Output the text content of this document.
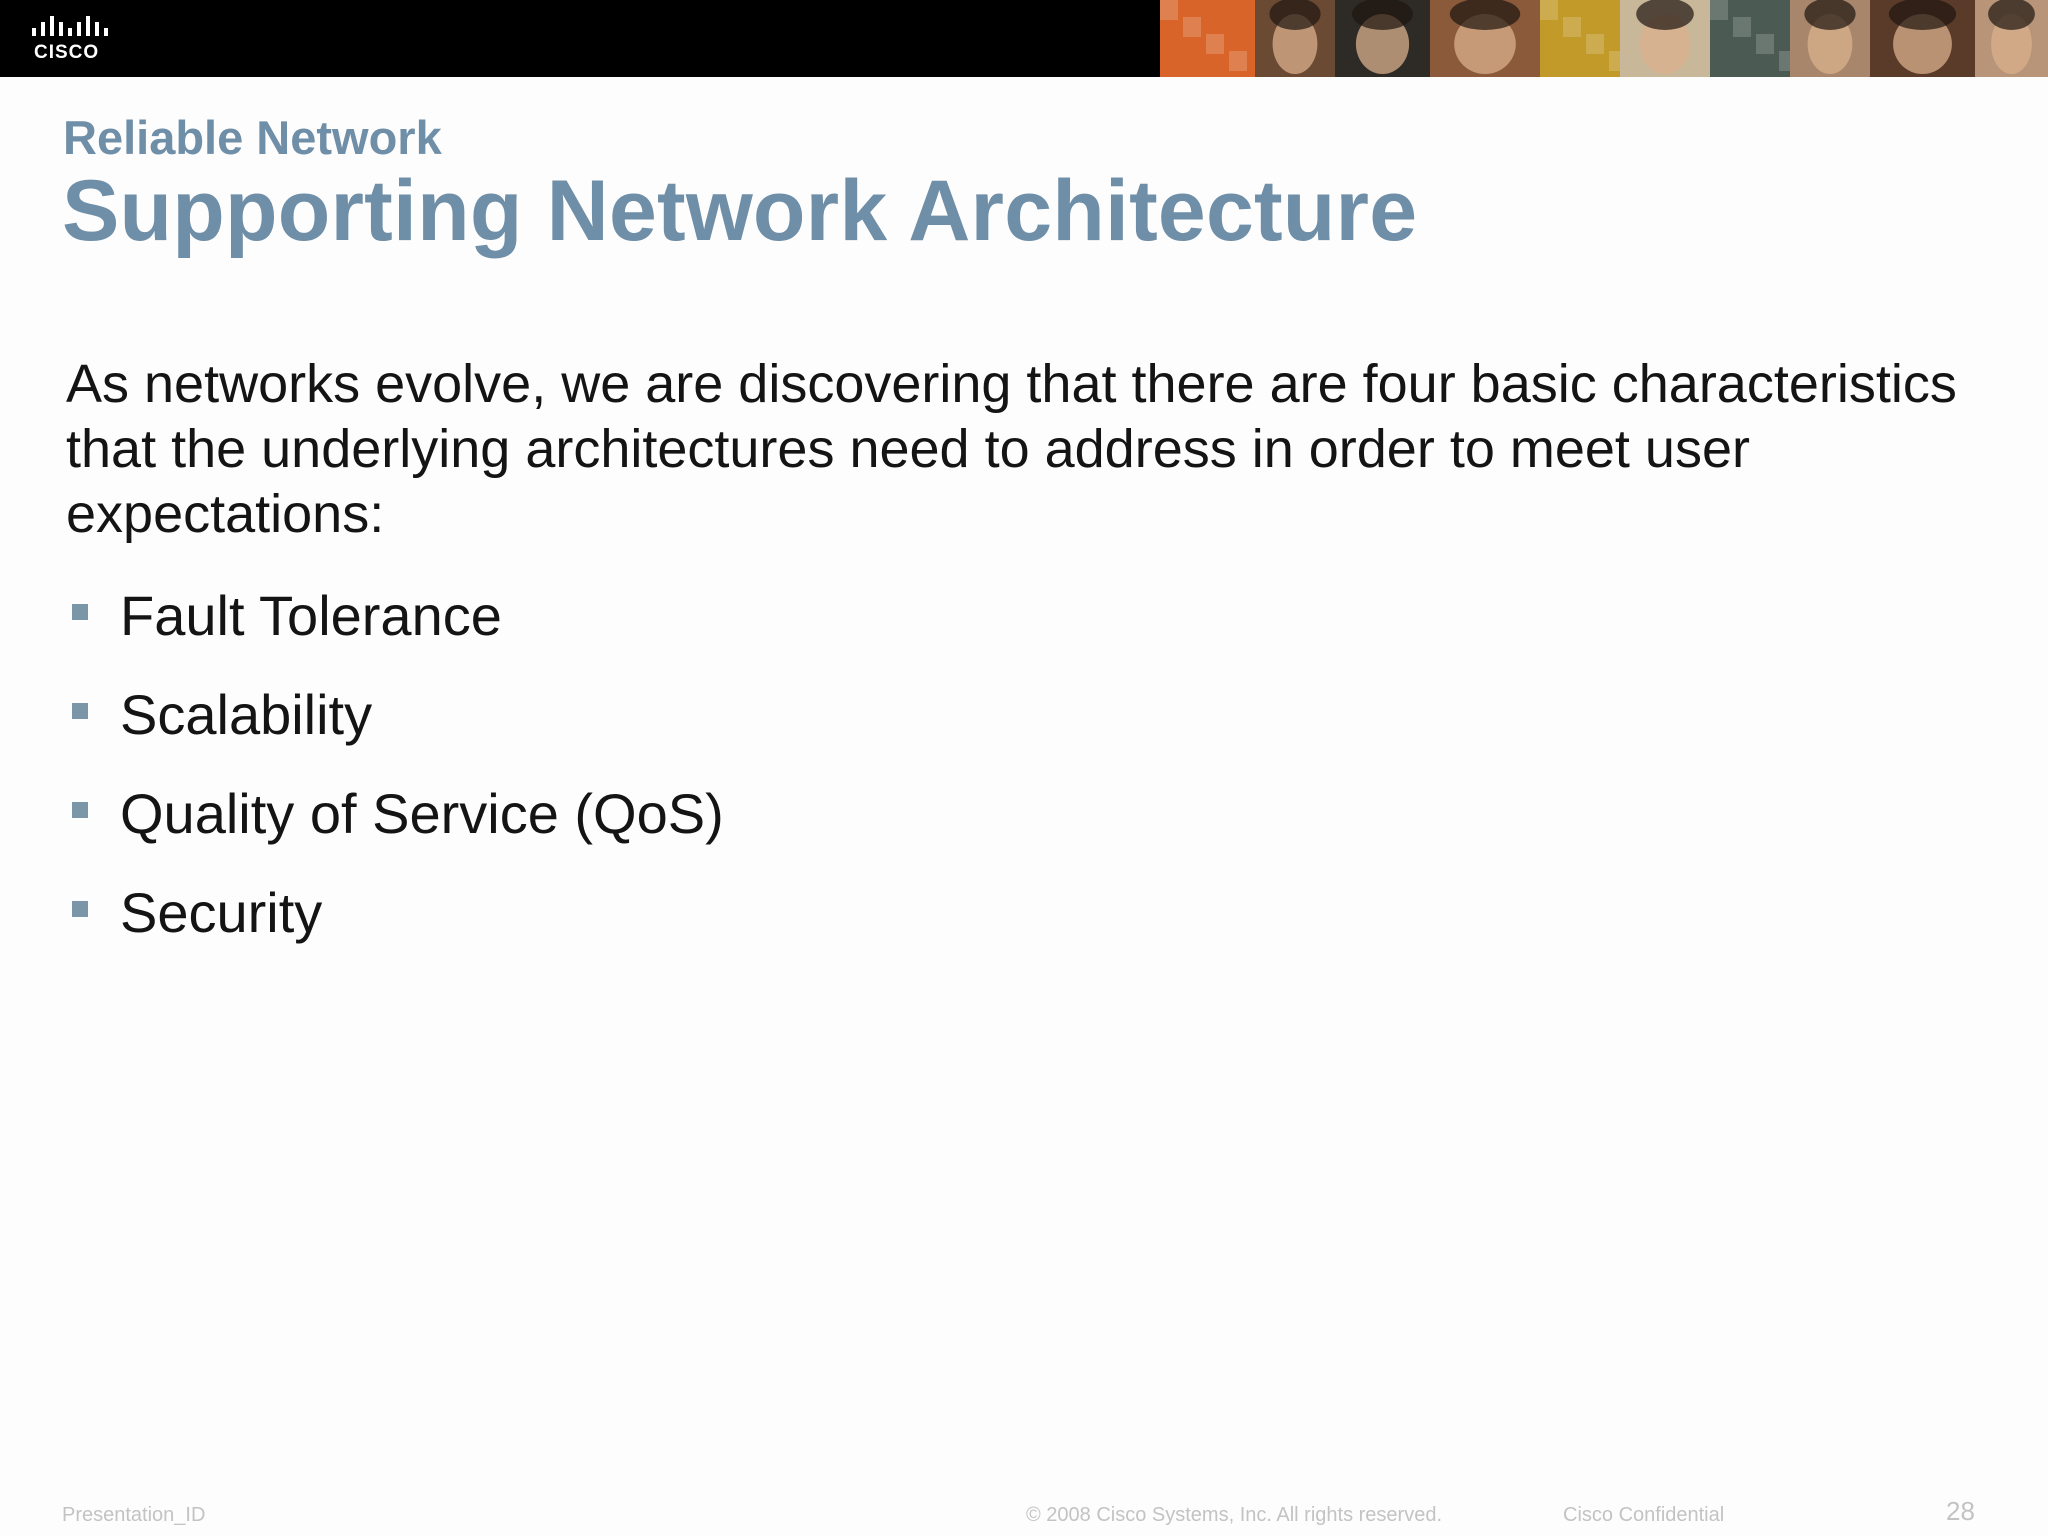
CISCO
Reliable Network
Supporting Network Architecture
As networks evolve, we are discovering that there are four basic characteristics that the underlying architectures need to address in order to meet user expectations:
Fault Tolerance
Scalability
Quality of Service (QoS)
Security
Presentation_ID	© 2008 Cisco Systems, Inc. All rights reserved.	Cisco Confidential	28
